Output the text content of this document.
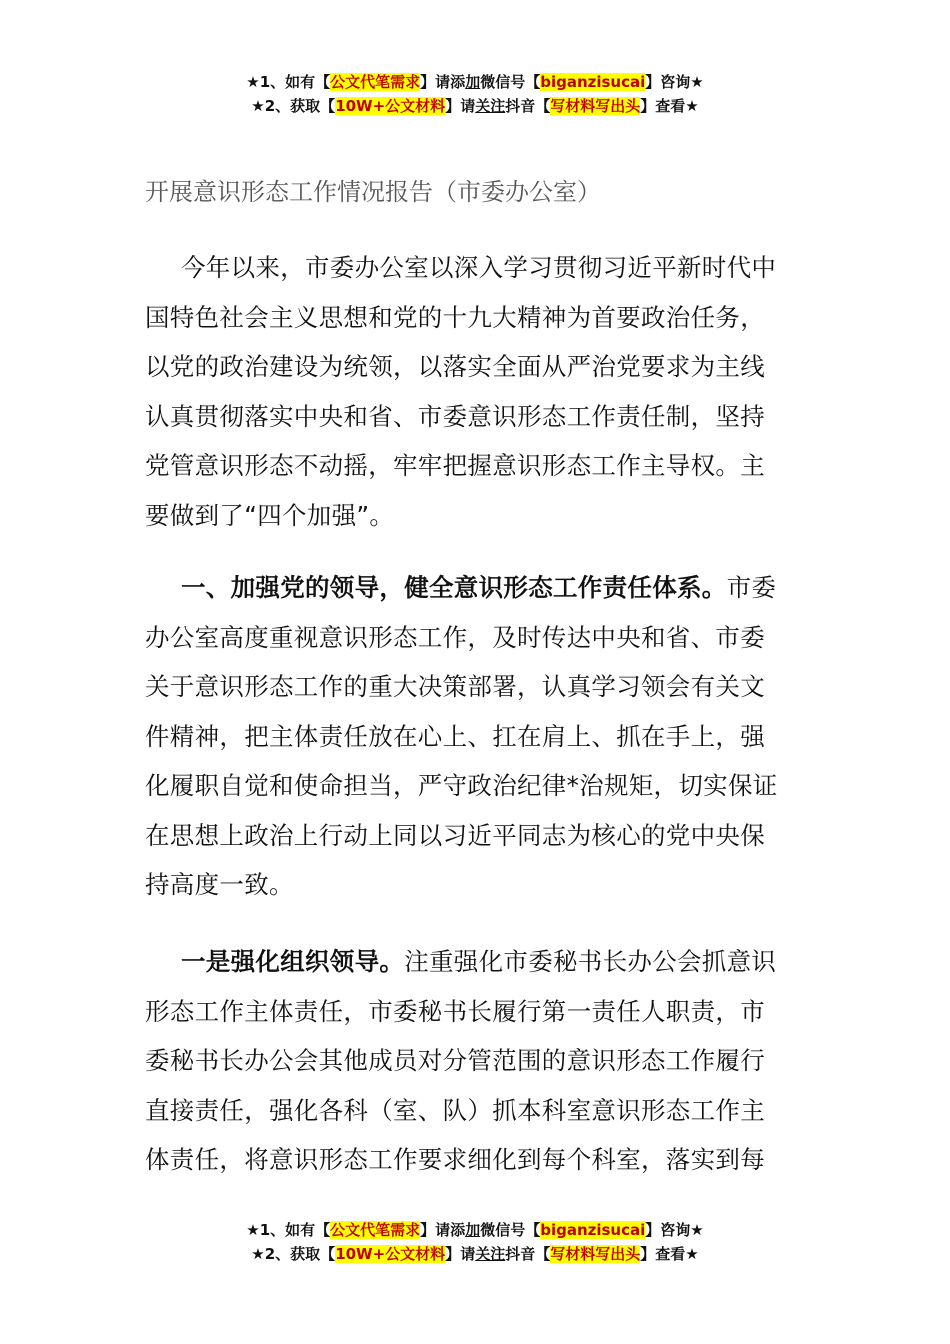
★1、如有【公文代笔需求】请添加微信号【biganzisucai】咨询★
★2、获取【10W+公文材料】请关注抖音【写材料写出头】查看★
开展意识形态工作情况报告（市委办公室）
今年以来，市委办公室以深入学习贯彻习近平新时代中
国特色社会主义思想和党的十九大精神为首要政治任务，
以党的政治建设为统领，以落实全面从严治党要求为主线
认真贯彻落实中央和省、市委意识形态工作责任制，坚持
党管意识形态不动摇，牢牢把握意识形态工作主导权。主
要做到了“四个加强”。
一、加强党的领导，健全意识形态工作责任体系。市委
办公室高度重视意识形态工作，及时传达中央和省、市委
关于意识形态工作的重大决策部署，认真学习领会有关文
件精神，把主体责任放在心上、扛在肩上、抓在手上，强
化履职自觉和使命担当，严守政治纪律*治规矩，切实保证
在思想上政治上行动上同以习近平同志为核心的党中央保
持高度一致。
一是强化组织领导。注重强化市委秘书长办公会抓意识
形态工作主体责任，市委秘书长履行第一责任人职责，市
委秘书长办公会其他成员对分管范围的意识形态工作履行
直接责任，强化各科（室、队）抓本科室意识形态工作主
体责任，将意识形态工作要求细化到每个科室，落实到每
★1、如有【公文代笔需求】请添加微信号【biganzisucai】咨询★
★2、获取【10W+公文材料】请关注抖音【写材料写出头】查看★
